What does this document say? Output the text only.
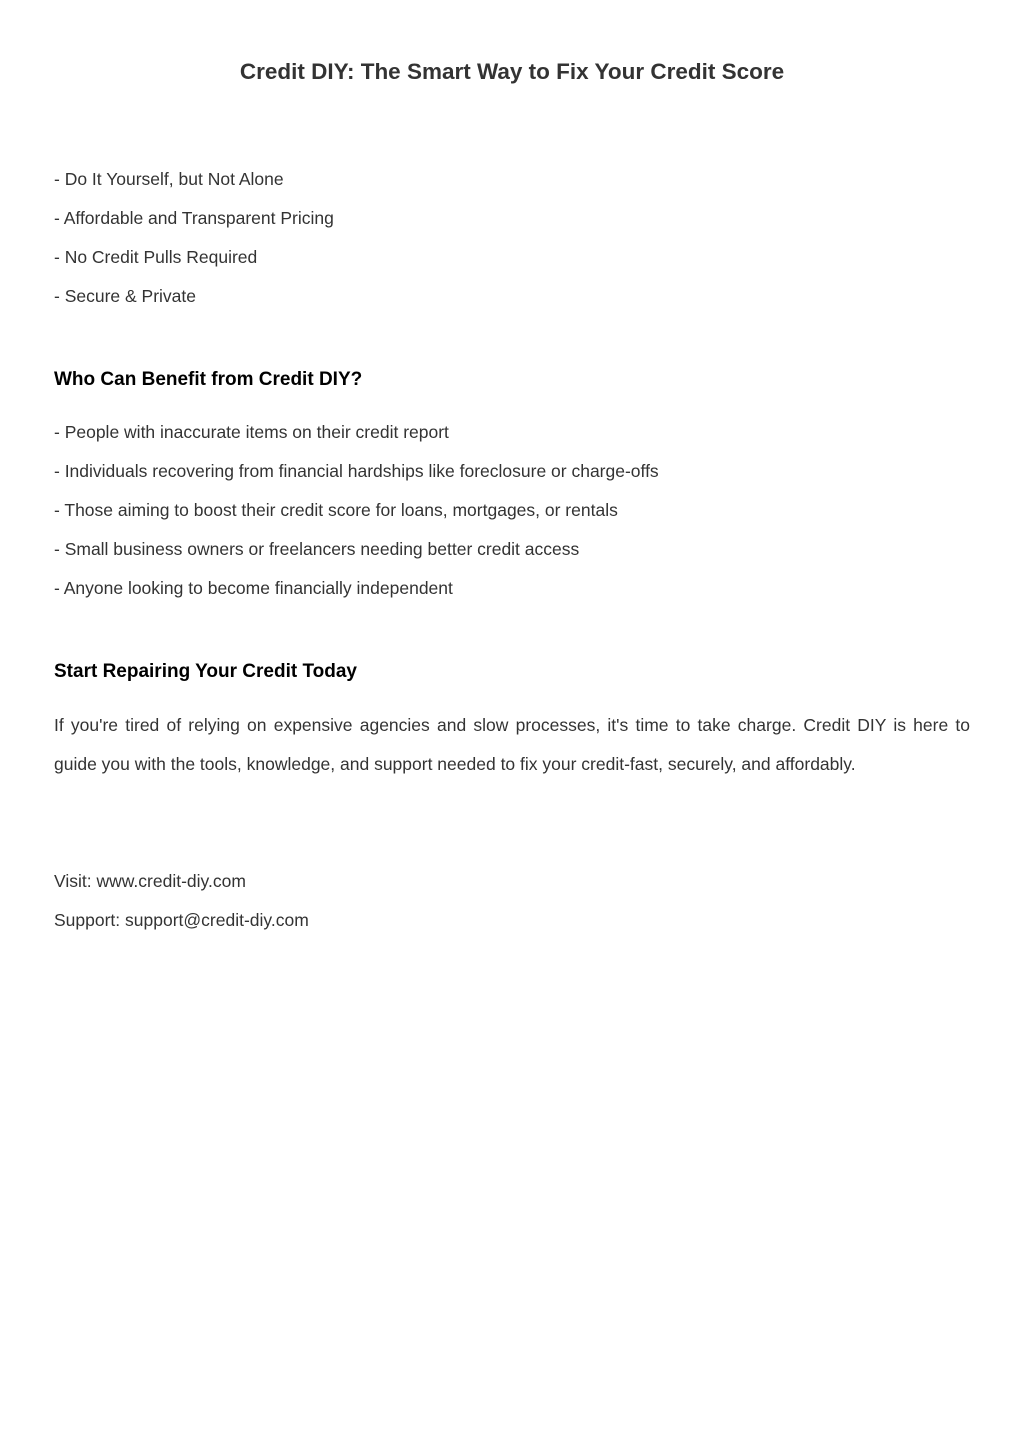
Credit DIY: The Smart Way to Fix Your Credit Score
- Do It Yourself, but Not Alone
- Affordable and Transparent Pricing
- No Credit Pulls Required
- Secure & Private
Who Can Benefit from Credit DIY?
- People with inaccurate items on their credit report
- Individuals recovering from financial hardships like foreclosure or charge-offs
- Those aiming to boost their credit score for loans, mortgages, or rentals
- Small business owners or freelancers needing better credit access
- Anyone looking to become financially independent
Start Repairing Your Credit Today

If you're tired of relying on expensive agencies and slow processes, it's time to take charge. Credit DIY is here to guide you with the tools, knowledge, and support needed to fix your credit-fast, securely, and affordably.

Visit: www.credit-diy.com

Support: support@credit-diy.com
